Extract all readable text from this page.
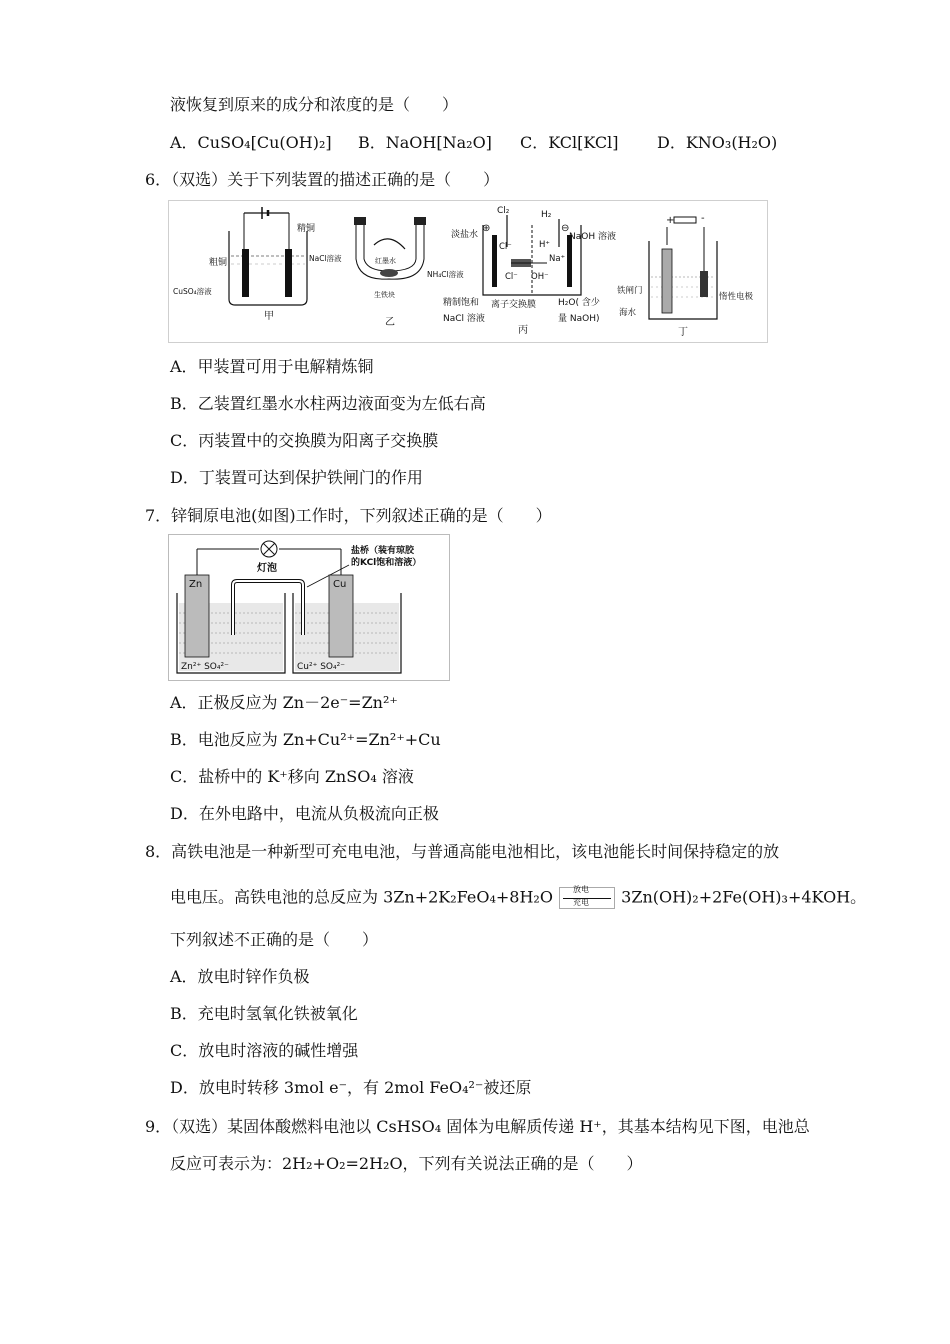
液恢复到原来的成分和浓度的是（　　）
A．CuSO₄[Cu(OH)₂] B．NaOH[Na₂O] C．KCl[KCl] D．KNO₃(H₂O)
6．（双选）关于下列装置的描述正确的是（　　）
粗铜
精铜
CuSO₄溶液
甲
NaCl溶液	红墨水
生铁块
NH₄Cl溶液
乙
Cl₂	H₂
⊕	⊖
淡盐水	NaOH 溶液
Cl⁻	H⁺
Na⁺
Cl⁻ OH⁻
精制饱和
NaCl 溶液
离子交换膜 H₂O( 含少
量 NaOH)
丙
+	-
铁闸门
海水
惰性电极
丁
A．甲装置可用于电解精炼铜
B．乙装置红墨水水柱两边液面变为左低右高
C．丙装置中的交换膜为阳离子交换膜
D．丁装置可达到保护铁闸门的作用
7．锌铜原电池(如图)工作时，下列叙述正确的是（　　）
灯泡
盐桥（装有琼胶
的KCl饱和溶液）
Zn	Cu
Zn²⁺ SO₄²⁻	Cu²⁺ SO₄²⁻
A．正极反应为 Zn－2e⁻=Zn²⁺
B．电池反应为 Zn+Cu²⁺=Zn²⁺+Cu
C．盐桥中的 K⁺移向 ZnSO₄ 溶液
D．在外电路中，电流从负极流向正极
8．高铁电池是一种新型可充电电池，与普通高能电池相比，该电池能长时间保持稳定的放
电电压。高铁电池的总反应为 3Zn+2K₂FeO₄+8H₂O	放电
充电 3Zn(OH)₂+2Fe(OH)₃+4KOH。
下列叙述不正确的是（　　）
A．放电时锌作负极
B．充电时氢氧化铁被氧化
C．放电时溶液的碱性增强
D．放电时转移 3mol e⁻，有 2mol FeO₄²⁻被还原
9．（双选）某固体酸燃料电池以 CsHSO₄ 固体为电解质传递 H⁺，其基本结构见下图，电池总
反应可表示为：2H₂+O₂=2H₂O，下列有关说法正确的是（　　）
